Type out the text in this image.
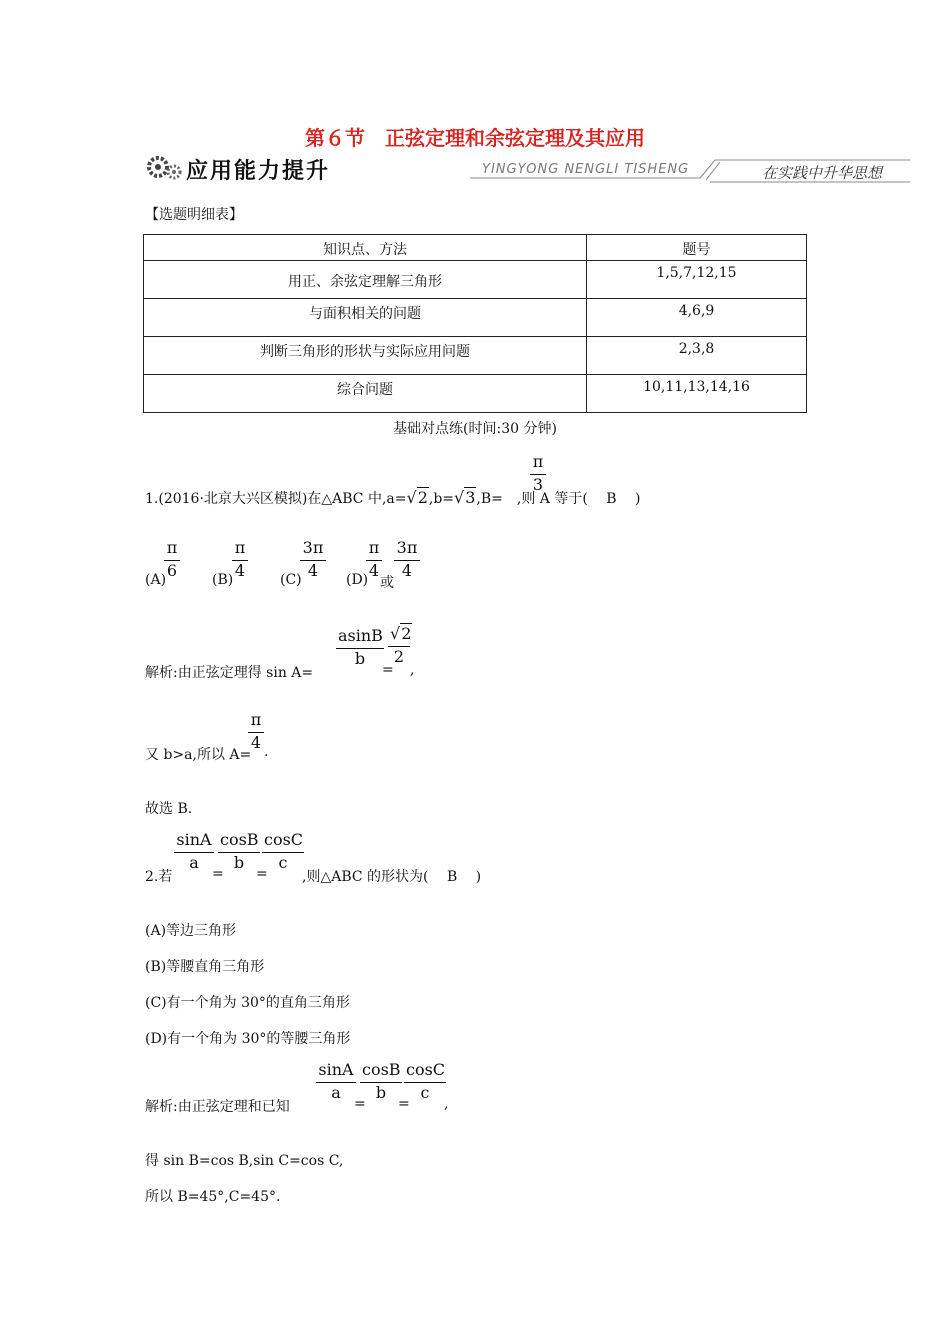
第６节　正弦定理和余弦定理及其应用
应用能力提升	YINGYONG NENGLI TISHENG	在实践中升华思想
【选题明细表】
知识点、方法	题号
用正、余弦定理解三角形	1,5,7,12,15
与面积相关的问题	4,6,9
判断三角形的形状与实际应用问题	2,3,8
综合问题	10,11,13,14,16
基础对点练(时间:30 分钟)
1.(2016·北京大兴区模拟)在△ABC 中,a=√2,b=√3,B= ,则 A 等于(　 B 　)
$\frac{\pi}{3}$
(A)
$\frac{\pi}{6} (B)$
$\frac{\pi}{4} (C)$
$\frac{3\pi}{4} (D)$
$\frac{\pi}{4}$
或
$\frac{3\pi}{4}$
解析:由正弦定理得 sin A=
$\frac{asinB}{b}$
=
$\frac{√2}{2}$
,
又 b>a,所以 A=
$\frac{\pi}{4}$ .
故选 B.
2.若
$\frac{\sin A}{a}$
=
$\frac{\cos B}{b}$
=
$\frac{\cos C}{c}$
,则△ABC 的形状为(　 B 　)
(A)等边三角形
(B)等腰直角三角形
(C)有一个角为 30°的直角三角形
(D)有一个角为 30°的等腰三角形
解析:由正弦定理和已知
$\frac{\sin A}{a}$
=
$\frac{\cos B}{b}$
=
$\frac{\cos C}{c}$
,
得 sin B=cos B,sin C=cos C,
所以 B=45°,C=45°.
